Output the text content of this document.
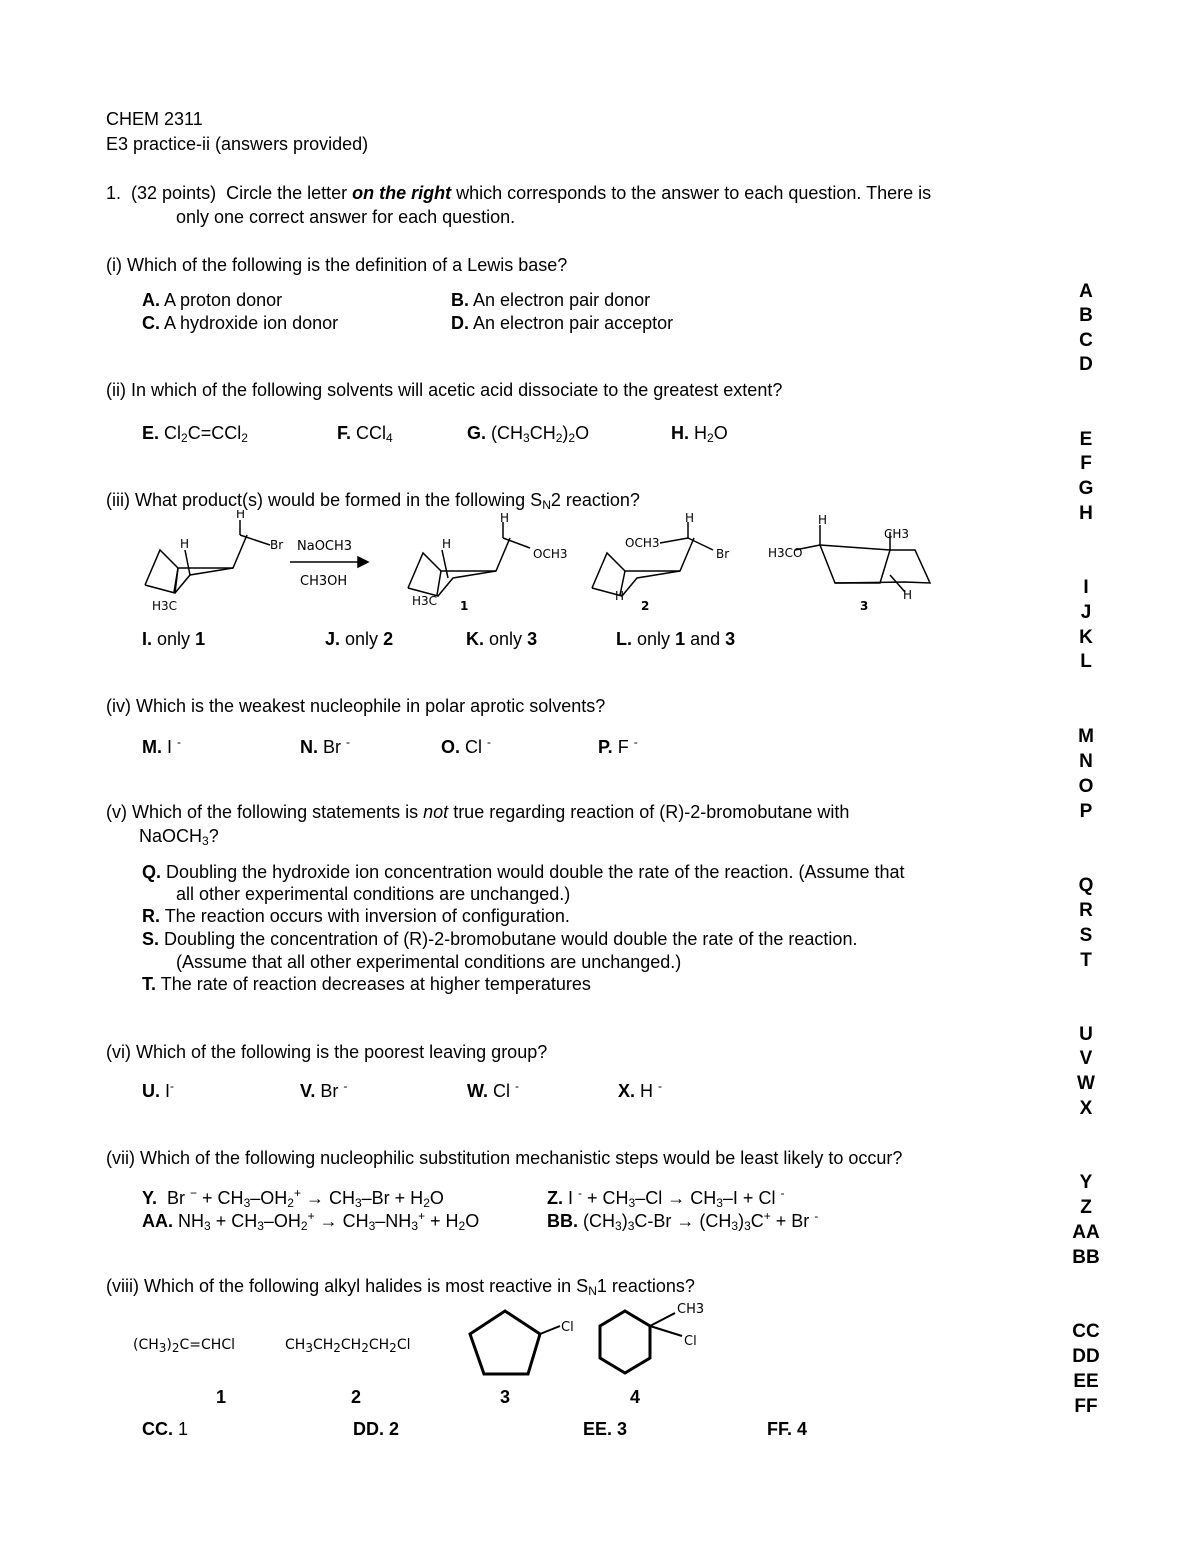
CHEM 2311
E3 practice-ii (answers provided)
1. (32 points) Circle the letter on the right which corresponds to the answer to each question. There is
only one correct answer for each question.
(i) Which of the following is the definition of a Lewis base?
A. A proton donor	B. An electron pair donor
C. A hydroxide ion donor	D. An electron pair acceptor
A
B
C
D
(ii) In which of the following solvents will acetic acid dissociate to the greatest extent?
E. $Cl_2C=CCl_2$	F. CCl$_4$	G. $(CH_3CH_2)_2O$	H. $H_2O$	E
F
G
H
(iii) What product(s) would be formed in the following $S_N2$ reaction?
H
H	Br
H3C
NaOCH3
CH3OH
H
H
OCH3
H3C 1
H
OCH3
Br
H
2
H
H3CO
CH3
H
3
I. only 1	J. only 2	K. only 3	L. only 1 and 3
I
J
K
L
(iv) Which is the weakest nucleophile in polar aprotic solvents?
M. I -	N. Br -	O. Cl -	P. F -	M
N
O
P
(v) Which of the following statements is not true regarding reaction of (R)-2-bromobutane with
NaOCH$_3$?
Q. Doubling the hydroxide ion concentration would double the rate of the reaction. (Assume that
all other experimental conditions are unchanged.)
R. The reaction occurs with inversion of configuration.
S. Doubling the concentration of (R)-2-bromobutane would double the rate of the reaction.
(Assume that all other experimental conditions are unchanged.)
T. The rate of reaction decreases at higher temperatures
Q
R
S
T
(vi) Which of the following is the poorest leaving group?
U. I-	V. Br -	W. Cl -	X. H -
U
V
W
X
(vii) Which of the following nucleophilic substitution mechanistic steps would be least likely to occur?
Y.  Br $^- + CH_3-OH_2^+ \to CH_3-Br + H_2O$	Z. I $^- + CH_3-Cl \to CH_3-I + Cl$ -
AA. $NH_3 + CH_3-OH_2^+ \to CH_3-NH_3^+ + H_2O$	BB. $(CH_3)_3C-Br \to (CH_3)_3C^+ + Br$ -
Y
Z
AA
BB
(viii) Which of the following alkyl halides is most reactive in $S_N1$ reactions?
$(CH_3)_2C=CHCl$	$CH_3CH_2CH_2CH_2Cl$
Cl
CH3
Cl
1	2	3	4
CC. 1	DD. 2	EE. 3	FF. 4
CC
DD
EE
FF
